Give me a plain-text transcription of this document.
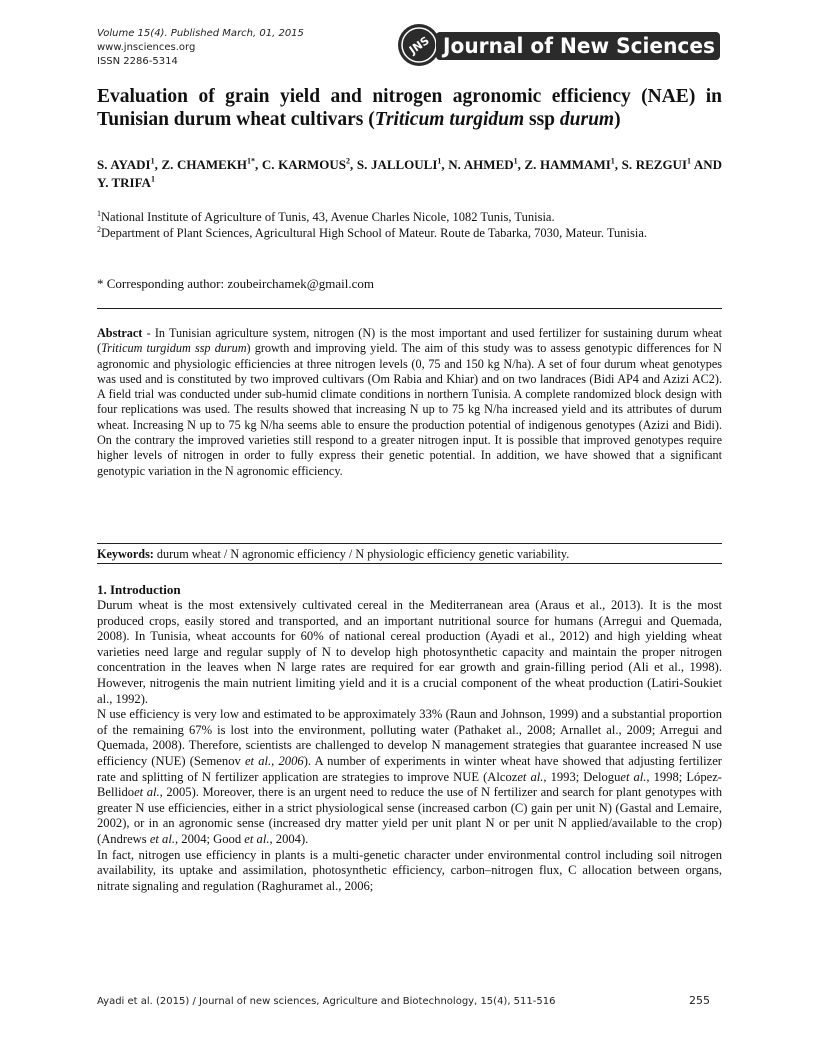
Volume 15(4). Published March, 01, 2015
www.jnsciences.org
ISSN 2286-5314
JNS Journal of New Sciences
Evaluation of grain yield and nitrogen agronomic efficiency (NAE) in Tunisian durum wheat cultivars (Triticum turgidum ssp durum)
S. AYADI$^1$, Z. $CHAMEKH^{1*}$, C. KARMOUS$^2$, S. JALLOULI$^1$, N. AHMED$^1$, Z. HAMMAMI$^1$, S. REZGUI$^1$ AND Y. TRIFA$^1$

$^1$National Institute of Agriculture of Tunis, 43, Avenue Charles Nicole, 1082 Tunis, Tunisia.

$^2$Department of Plant Sciences, Agricultural High School of Mateur. Route de Tabarka, 7030, Mateur. Tunisia.

* Corresponding author: zoubeirchamek@gmail.com
Abstract - In Tunisian agriculture system, nitrogen (N) is the most important and used fertilizer for sustaining durum wheat (Triticum turgidum ssp durum) growth and improving yield. The aim of this study was to assess genotypic differences for N agronomic and physiologic efficiencies at three nitrogen levels (0, 75 and 150 kg N/ha). A set of four durum wheat genotypes was used and is constituted by two improved cultivars (Om Rabia and Khiar) and on two landraces (Bidi AP4 and Azizi AC2). A field trial was conducted under sub-humid climate conditions in northern Tunisia. A complete randomized block design with four replications was used. The results showed that increasing N up to 75 kg N/ha increased yield and its attributes of durum wheat. Increasing N up to 75 kg N/ha seems able to ensure the production potential of indigenous genotypes (Azizi and Bidi). On the contrary the improved varieties still respond to a greater nitrogen input. It is possible that improved genotypes require higher levels of nitrogen in order to fully express their genetic potential. In addition, we have showed that a significant genotypic variation in the N agronomic efficiency.
Keywords: durum wheat / N agronomic efficiency / N physiologic efficiency genetic variability.
1. Introduction

Durum wheat is the most extensively cultivated cereal in the Mediterranean area (Araus et al., 2013). It is the most produced crops, easily stored and transported, and an important nutritional source for humans (Arregui and Quemada, 2008). In Tunisia, wheat accounts for 60% of national cereal production (Ayadi et al., 2012) and high yielding wheat varieties need large and regular supply of N to develop high photosynthetic capacity and maintain the proper nitrogen concentration in the leaves when N large rates are required for ear growth and grain-filling period (Ali et al., 1998). However, nitrogenis the main nutrient limiting yield and it is a crucial component of the wheat production (Latiri-Soukiet al., 1992).

N use efficiency is very low and estimated to be approximately 33% (Raun and Johnson, 1999) and a substantial proportion of the remaining 67% is lost into the environment, polluting water (Pathaket al., 2008; Arnallet al., 2009; Arregui and Quemada, 2008). Therefore, scientists are challenged to develop N management strategies that guarantee increased N use efficiency (NUE) (Semenov et al., 2006). A number of experiments in winter wheat have showed that adjusting fertilizer rate and splitting of N fertilizer application are strategies to improve NUE (Alcozet al., 1993; Deloguet al., 1998; López-Bellidoet al., 2005). Moreover, there is an urgent need to reduce the use of N fertilizer and search for plant genotypes with greater N use efficiencies, either in a strict physiological sense (increased carbon (C) gain per unit N) (Gastal and Lemaire, 2002), or in an agronomic sense (increased dry matter yield per unit plant N or per unit N applied/available to the crop) (Andrews et al., 2004; Good et al., 2004).

In fact, nitrogen use efficiency in plants is a multi-genetic character under environmental control including soil nitrogen availability, its uptake and assimilation, photosynthetic efficiency, carbon–nitrogen flux, C allocation between organs, nitrate signaling and regulation (Raghuramet al., 2006;

Ayadi et al. (2015) / Journal of new sciences, Agriculture and Biotechnology, 15(4), 511-516	255
